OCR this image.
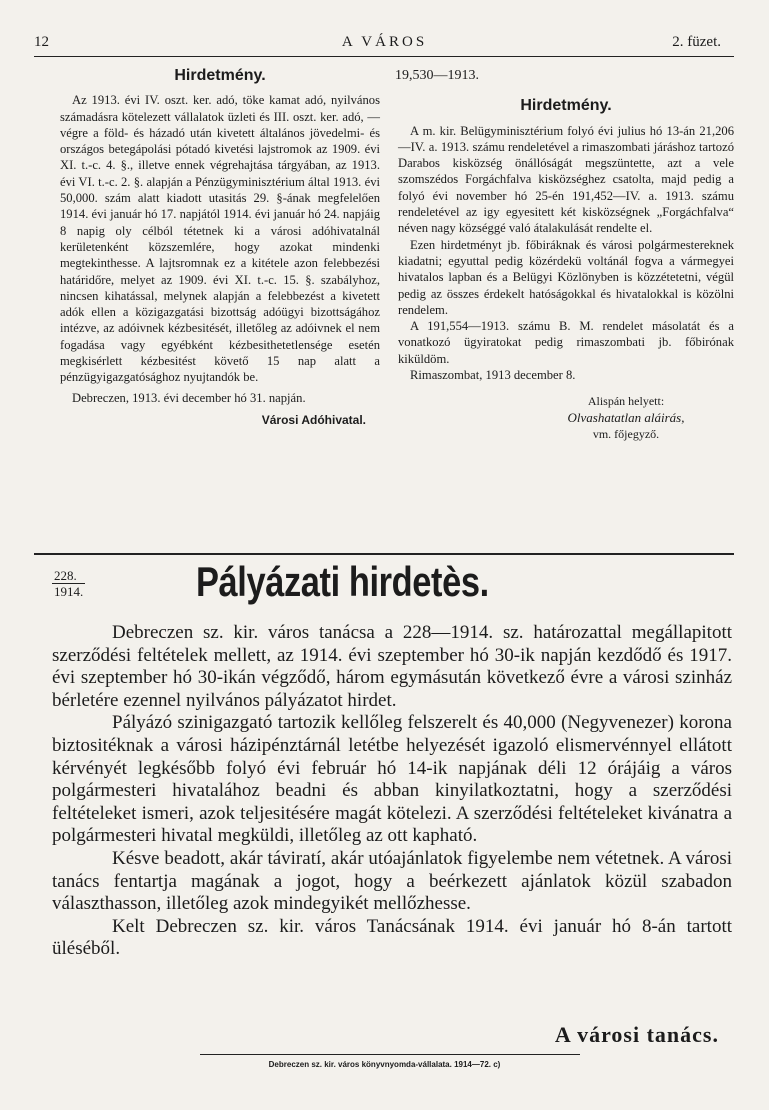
12	A VÁROS	2. füzet.
Hirdetmény.

Az 1913. évi IV. oszt. ker. adó, töke kamat adó, nyilvános számadásra kötelezett vállalatok üzleti és III. oszt. ker. adó, — végre a föld- és házadó után kivetett általános jövedelmi- és országos betegápolási pótadó kivetési lajstromok az 1909. évi XI. t.-c. 4. §., illetve ennek végrehajtása tárgyában, az 1913. évi VI. t.-c. 2. §. alapján a Pénzügyminisztérium által 1913. évi 50,000. szám alatt kiadott utasitás 29. §-ának megfelelően 1914. évi január hó 17. napjától 1914. évi január hó 24. napjáig 8 napig oly célból tétetnek ki a városi adóhivatalnál kerületenként közszemlére, hogy azokat mindenki megtekinthesse. A lajtsromnak ez a kitétele azon felebbezési határidőre, melyet az 1909. évi XI. t.-c. 15. §. szabályhoz, nincsen kihatással, melynek alapján a felebbezést a kivetett adók ellen a közigazgatási bizottság adóügyi bizottságához intézve, az adóivnek kézbesitését, illetőleg az adóivnek el nem fogadása vagy egyébként kézbesithetetlensége esetén megkisérlett kézbesitést követő 15 nap alatt a pénzügyigazgatósághoz nyujtandók be.

Debreczen, 1913. évi december hó 31. napján.

Városi Adóhivatal.
19,530—1913.
Hirdetmény.

A m. kir. Belügyminisztérium folyó évi julius hó 13-án 21,206—IV. a. 1913. számu rendeletével a rimaszombati járáshoz tartozó Darabos kisközség önállóságát megszüntette, azt a vele szomszédos Forgáchfalva kisközséghez csatolta, majd pedig a folyó évi november hó 25-én 191,452—IV. a. 1913. számu rendeletével az igy egyesitett két kisközségnek „Forgáchfalva“ néven nagy községgé való átalakulását rendelte el.

Ezen hirdetményt jb. főbiráknak és városi polgármestereknek kiadatni; egyuttal pedig közérdekü voltánál fogva a vármegyei hivatalos lapban és a Belügyi Közlönyben is közzétetetni, végül pedig az összes érdekelt hatóságokkal és hivatalokkal is közölni rendelem.

A 191,554—1913. számu B. M. rendelet másolatát és a vonatkozó ügyiratokat pedig rimaszombati jb. főbirónak kiküldöm.

Rimaszombat, 1913 december 8.

Alispán helyett:
Olvashatatlan aláirás,
vm. főjegyző.
228.
1914.	Pályázati hirdetès.

Debreczen sz. kir. város tanácsa a 228—1914. sz. határozattal megállapitott szerződési feltételek mellett, az 1914. évi szeptember hó 30-ik napján kezdődő és 1917. évi szeptember hó 30-ikán végződő, három egymásután következő évre a városi szinház bérletére ezennel nyilvános pályázatot hirdet.

Pályázó szinigazgató tartozik kellőleg felszerelt és 40,000 (Negyvenezer) korona biztositéknak a városi házipénztárnál letétbe helyezését igazoló elismervénnyel ellátott kérvényét legkésőbb folyó évi február hó 14-ik napjának déli 12 órájáig a város polgármesteri hivatalához beadni és abban kinyilatkoztatni, hogy a szerződési feltételeket ismeri, azok teljesitésére magát kötelezi. A szerződési feltételeket kivánatra a polgármesteri hivatal megküldi, illetőleg az ott kapható.

Késve beadott, akár táviratí, akár utóajánlatok figyelembe nem vétetnek. A városi tanács fentartja magának a jogot, hogy a beérkezett ajánlatok közül szabadon választhasson, illetőleg azok mindegyikét mellőzhesse.

Kelt Debreczen sz. kir. város Tanácsának 1914. évi január hó 8-án tartott üléséből.

A városi tanács.
Debreczen sz. kir. város könyvnyomda-vállalata. 1914—72. c)
